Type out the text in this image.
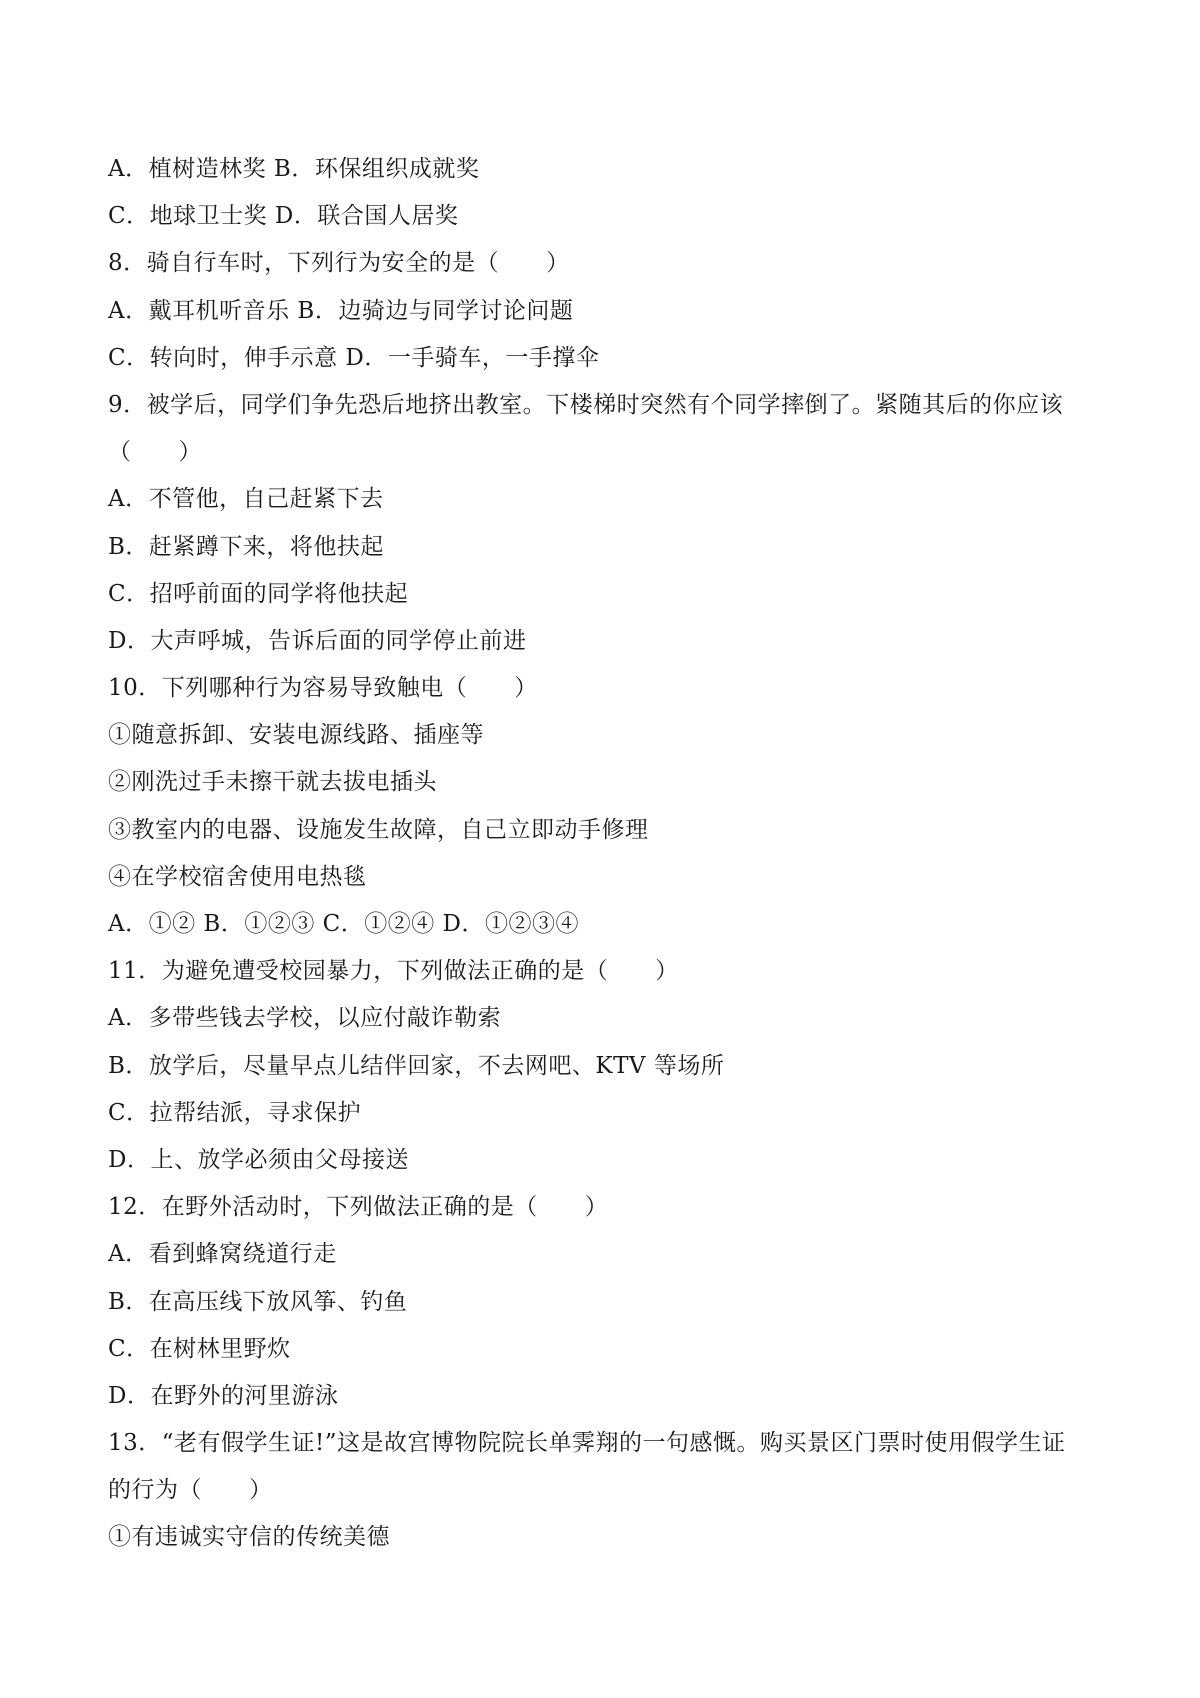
A．植树造林奖 B．环保组织成就奖
C．地球卫士奖 D．联合国人居奖
8．骑自行车时，下列行为安全的是（　　）
A．戴耳机听音乐 B．边骑边与同学讨论问题
C．转向时，伸手示意 D．一手骑车，一手撑伞
9．被学后，同学们争先恐后地挤出教室。下楼梯时突然有个同学摔倒了。紧随其后的你应该
（　　）
A．不管他，自己赶紧下去
B．赶紧蹲下来，将他扶起
C．招呼前面的同学将他扶起
D．大声呼城，告诉后面的同学停止前进
10．下列哪种行为容易导致触电（　　）
①随意拆卸、安装电源线路、插座等
②刚洗过手未擦干就去拔电插头
③教室内的电器、设施发生故障，自己立即动手修理
④在学校宿舍使用电热毯
A．①② B．①②③ C．①②④ D．①②③④
11．为避免遭受校园暴力，下列做法正确的是（　　）
A．多带些钱去学校，以应付敲诈勒索
B．放学后，尽量早点儿结伴回家，不去网吧、KTV 等场所
C．拉帮结派，寻求保护
D．上、放学必须由父母接送
12．在野外活动时，下列做法正确的是（　　）
A．看到蜂窝绕道行走
B．在高压线下放风筝、钓鱼
C．在树林里野炊
D．在野外的河里游泳
13．“老有假学生证!”这是故宫博物院院长单霁翔的一句感慨。购买景区门票时使用假学生证
的行为（　　）
①有违诚实守信的传统美德
